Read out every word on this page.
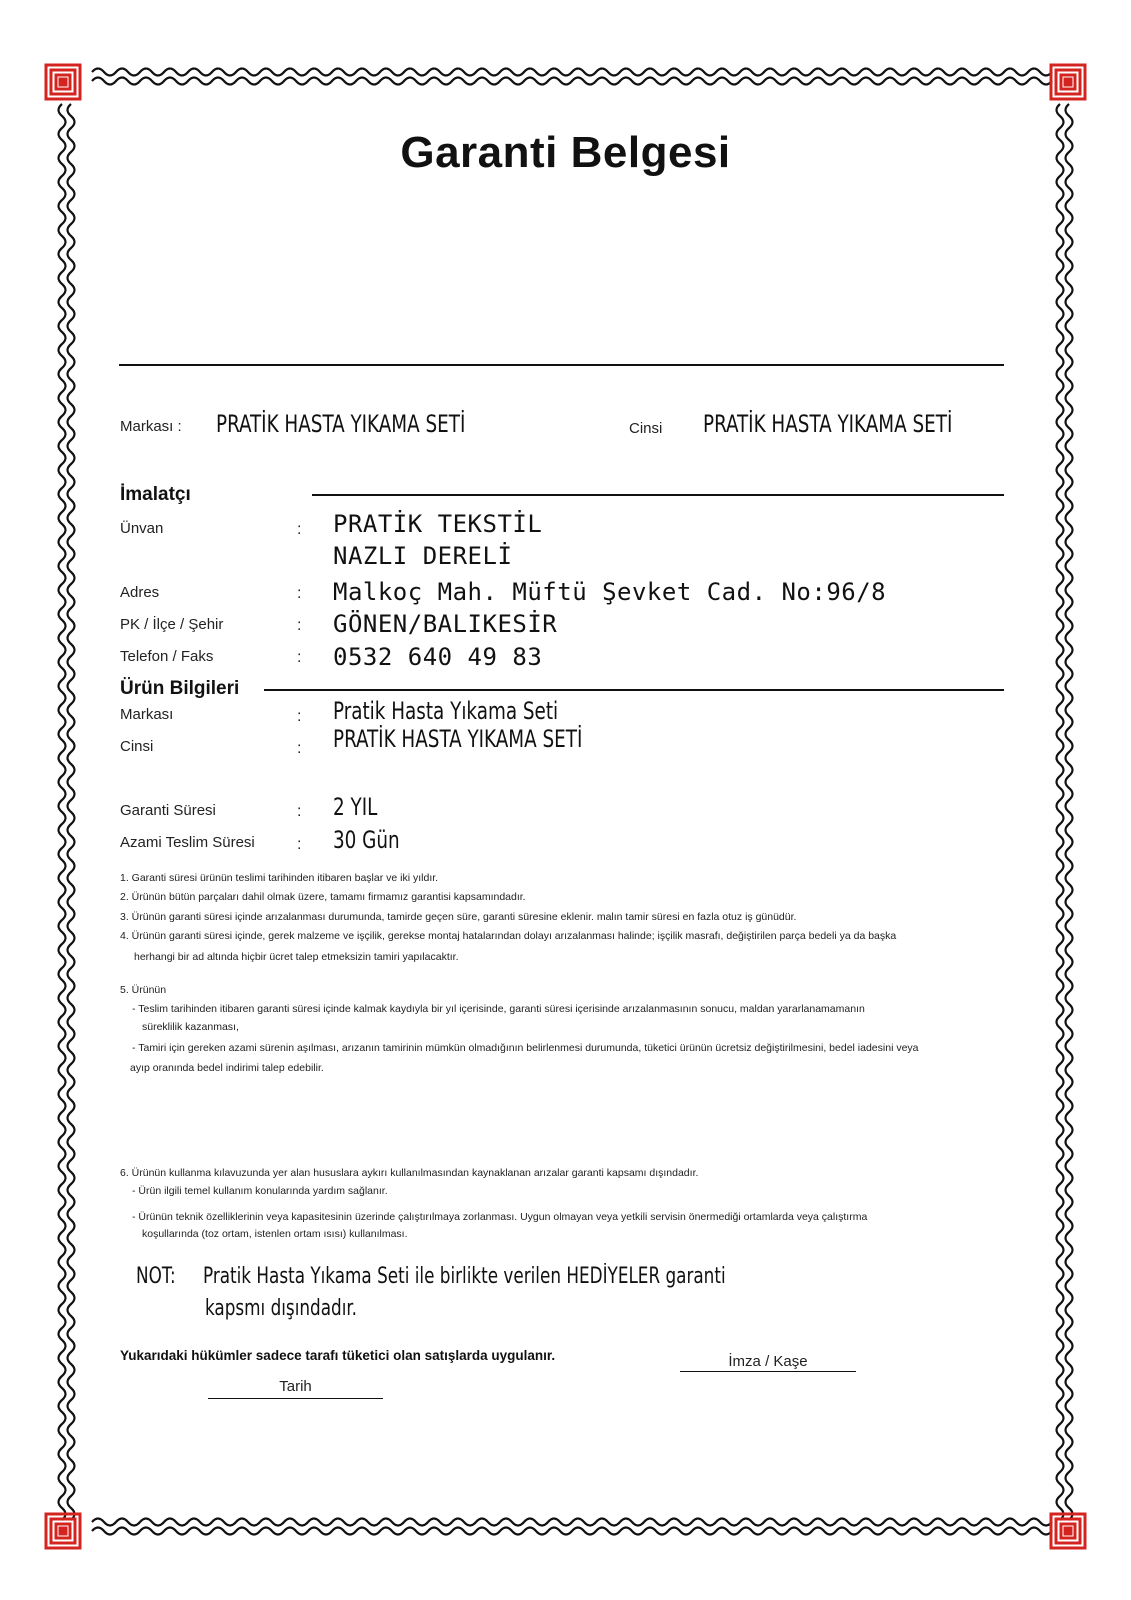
Garanti Belgesi
Markası : PRATİK HASTA YIKAMA SETİ	Cinsi PRATİK HASTA YIKAMA SETİ
İmalatçı
Ünvan	: PRATİK TEKSTİL
NAZLI DERELİ
Adres	: Malkoç Mah. Müftü Şevket Cad. No:96/8
PK / İlçe / Şehir	: GÖNEN/BALIKESİR
Telefon / Faks	: 0532 640 49 83
Ürün Bilgileri
Markası	: Pratik Hasta Yıkama Seti
Cinsi	: PRATİK HASTA YIKAMA SETİ
Garanti Süresi	: 2 YIL
Azami Teslim Süresi	: 30 Gün
1. Garanti süresi ürünün teslimi tarihinden itibaren başlar ve iki yıldır.
2. Ürünün bütün parçaları dahil olmak üzere, tamamı firmamız garantisi kapsamındadır.
3. Ürünün garanti süresi içinde arızalanması durumunda, tamirde geçen süre, garanti süresine eklenir. malın tamir süresi en fazla otuz iş günüdür.
4. Ürünün garanti süresi içinde, gerek malzeme ve işçilik, gerekse montaj hatalarından dolayı arızalanması halinde; işçilik masrafı, değiştirilen parça bedeli ya da başka
herhangi bir ad altında hiçbir ücret talep etmeksizin tamiri yapılacaktır.
5. Ürünün
- Teslim tarihinden itibaren garanti süresi içinde kalmak kaydıyla bir yıl içerisinde, garanti süresi içerisinde arızalanmasının sonucu, maldan yararlanamamanın
süreklilik kazanması,
- Tamiri için gereken azami sürenin aşılması, arızanın tamirinin mümkün olmadığının belirlenmesi durumunda, tüketici ürünün ücretsiz değiştirilmesini, bedel iadesini veya
ayıp oranında bedel indirimi talep edebilir.
6. Ürünün kullanma kılavuzunda yer alan hususlara aykırı kullanılmasından kaynaklanan arızalar garanti kapsamı dışındadır.
- Ürün ilgili temel kullanım konularında yardım sağlanır.
- Ürünün teknik özelliklerinin veya kapasitesinin üzerinde çalıştırılmaya zorlanması. Uygun olmayan veya yetkili servisin önermediği ortamlarda veya çalıştırma
koşullarında (toz ortam, istenlen ortam ısısı) kullanılması.
NOT: Pratik Hasta Yıkama Seti ile birlikte verilen HEDİYELER garanti
kapsmı dışındadır.
Yukarıdaki hükümler sadece tarafı tüketici olan satışlarda uygulanır.	İmza / Kaşe
Tarih
